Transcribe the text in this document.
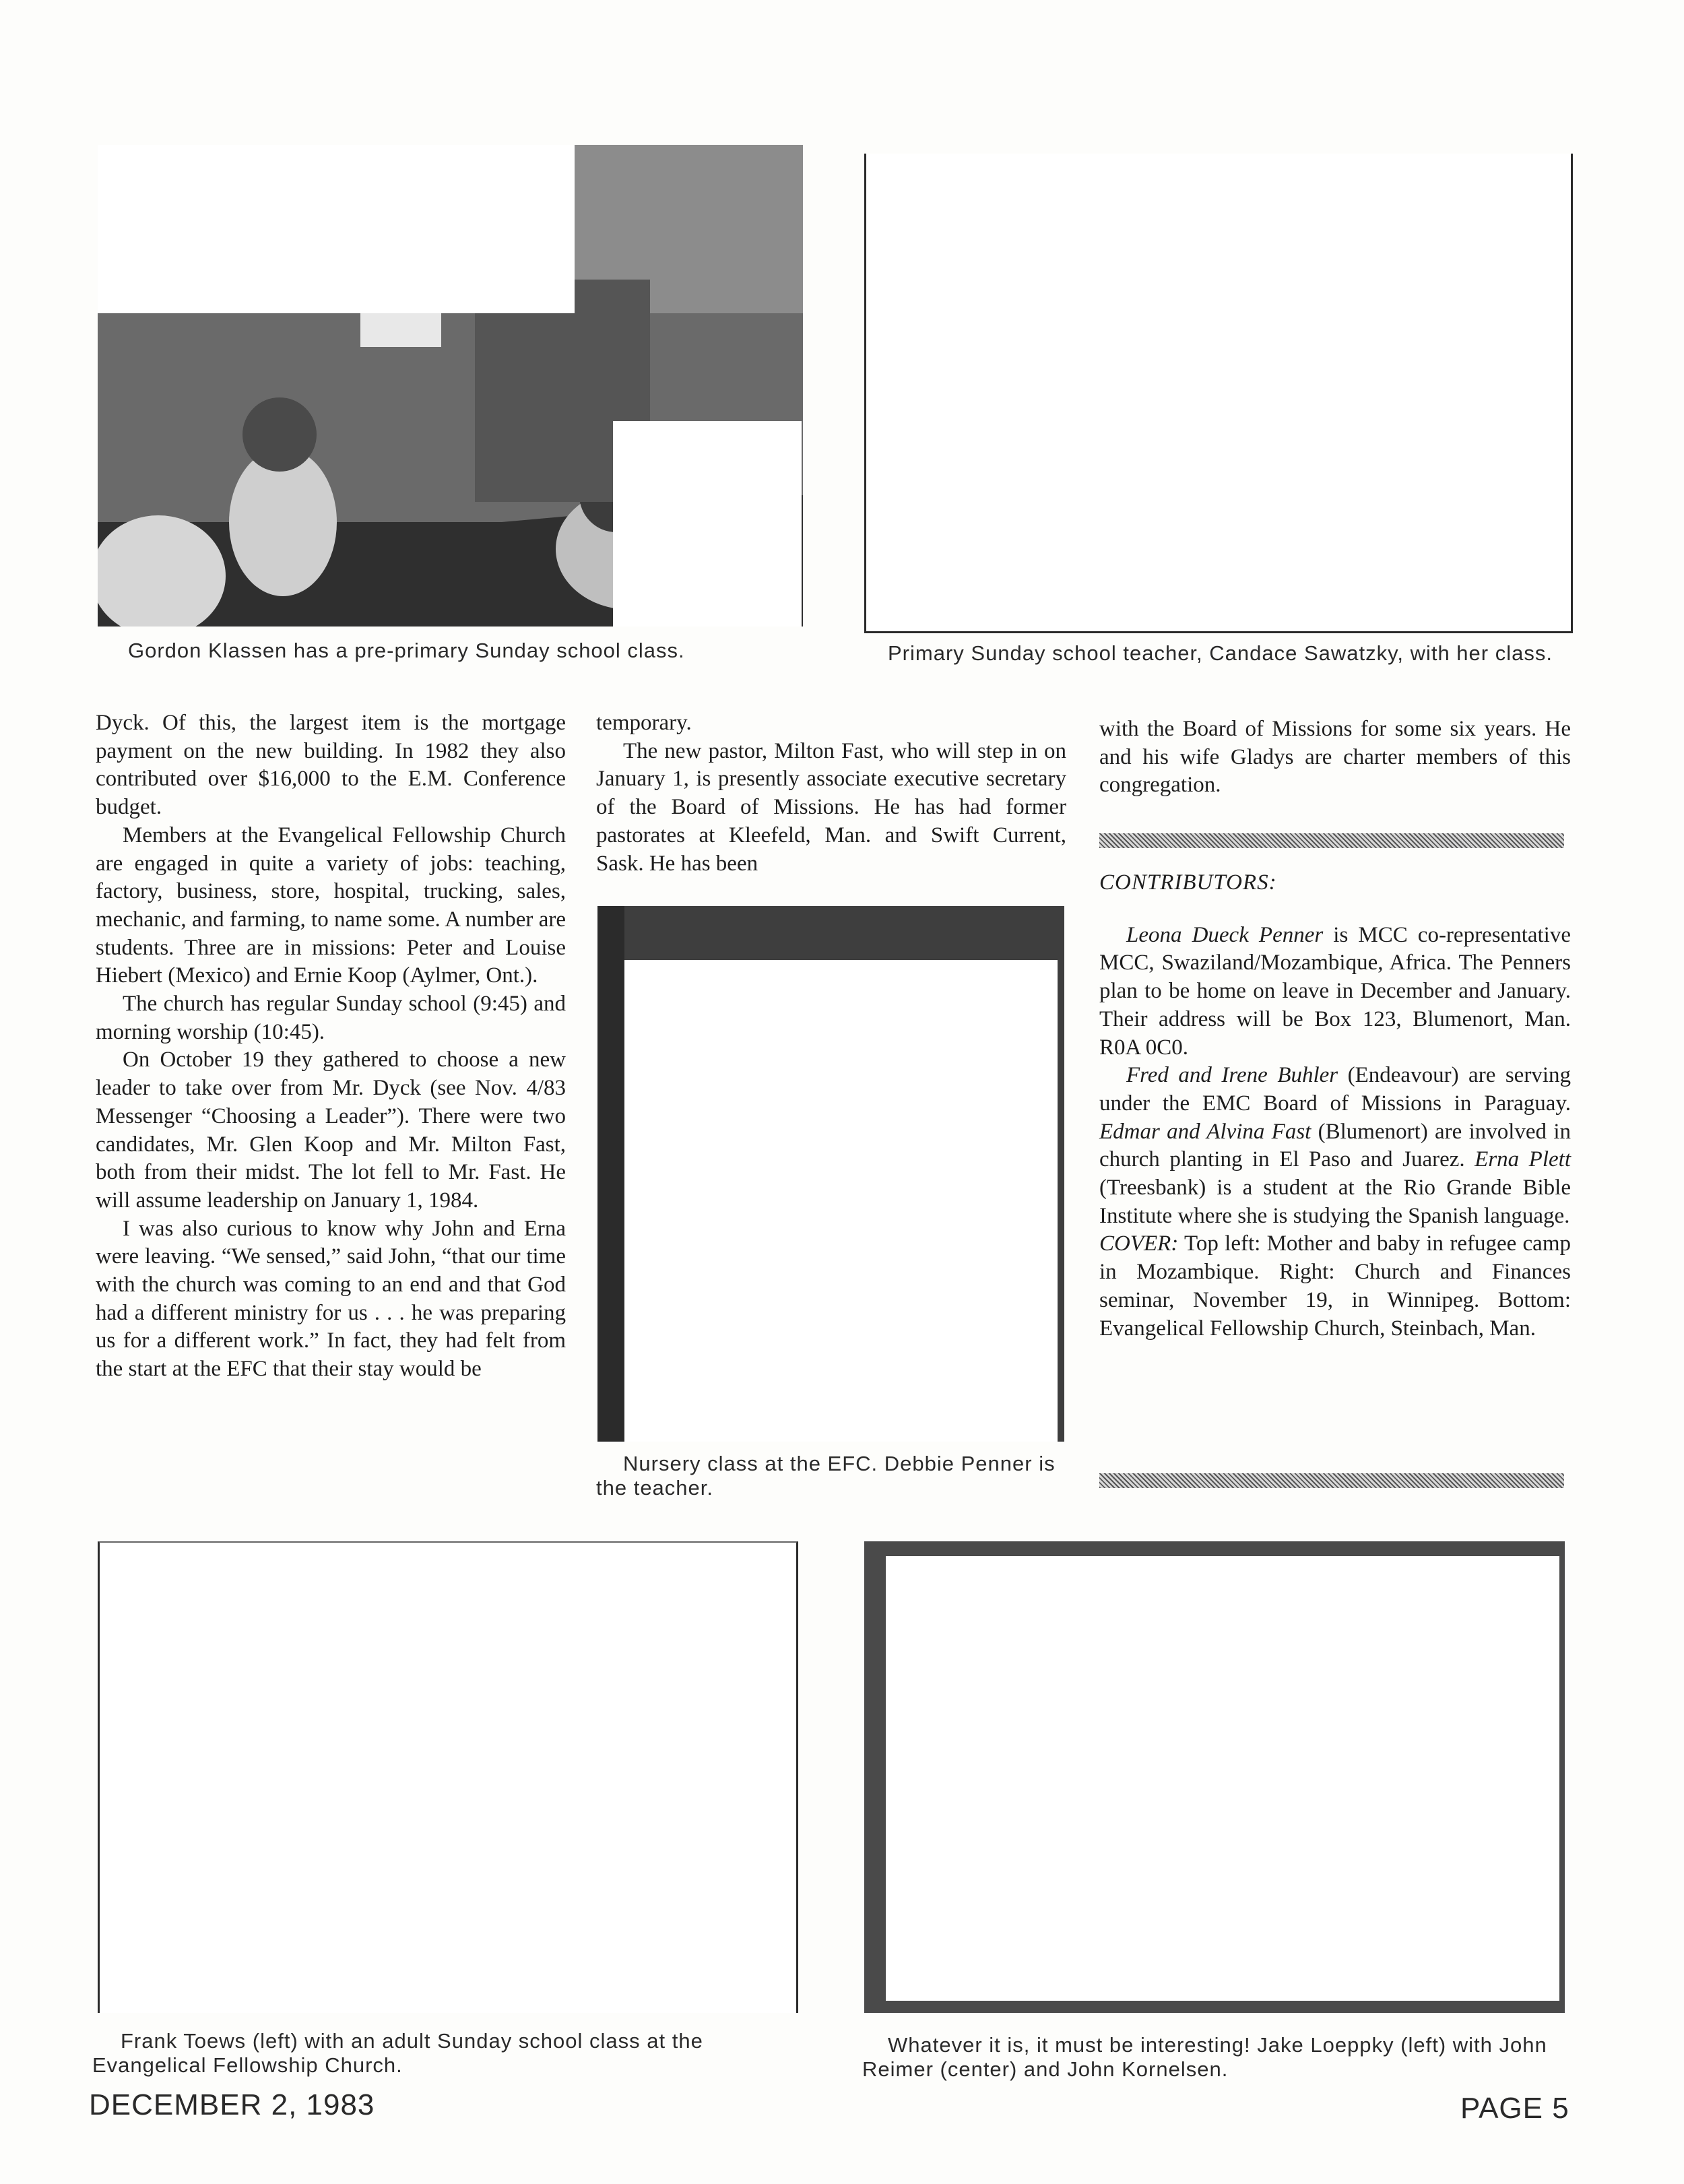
Gordon Klassen has a pre-primary Sunday school class.	Primary Sunday school teacher, Candace Sawatzky, with her class.

Dyck. Of this, the largest item is the mortgage payment on the new building. In 1982 they also contributed over $16,000 to the E.M. Conference budget.

Members at the Evangelical Fellowship Church are engaged in quite a variety of jobs: teaching, factory, business, store, hospital, trucking, sales, mechanic, and farming, to name some. A number are students. Three are in missions: Peter and Louise Hiebert (Mexico) and Ernie Koop (Aylmer, Ont.).

The church has regular Sunday school (9:45) and morning worship (10:45).

On October 19 they gathered to choose a new leader to take over from Mr. Dyck (see Nov. 4/83 Messenger “Choosing a Leader”). There were two candidates, Mr. Glen Koop and Mr. Milton Fast, both from their midst. The lot fell to Mr. Fast. He will assume leadership on January 1, 1984.

I was also curious to know why John and Erna were leaving. “We sensed,” said John, “that our time with the church was coming to an end and that God had a different ministry for us . . . he was preparing us for a different work.” In fact, they had felt from the start at the EFC that their stay would be

temporary.

The new pastor, Milton Fast, who will step in on January 1, is presently associate executive secretary of the Board of Missions. He has had former pastorates at Kleefeld, Man. and Swift Current, Sask. He has been

Nursery class at the EFC. Debbie Penner is the teacher.

with the Board of Missions for some six years. He and his wife Gladys are charter members of this congregation.

CONTRIBUTORS:

Leona Dueck Penner is MCC co-representative MCC, Swaziland/Mozambique, Africa. The Penners plan to be home on leave in December and January. Their address will be Box 123, Blumenort, Man. R0A 0C0.

Fred and Irene Buhler (Endeavour) are serving under the EMC Board of Missions in Paraguay. Edmar and Alvina Fast (Blumenort) are involved in church planting in El Paso and Juarez. Erna Plett (Treesbank) is a student at the Rio Grande Bible Institute where she is studying the Spanish language.

COVER: Top left: Mother and baby in refugee camp in Mozambique. Right: Church and Finances seminar, November 19, in Winnipeg. Bottom: Evangelical Fellowship Church, Steinbach, Man.

Frank Toews (left) with an adult Sunday school class at the Evangelical Fellowship Church.
Whatever it is, it must be interesting! Jake Loeppky (left) with John Reimer (center) and John Kornelsen.
DECEMBER 2, 1983	PAGE 5
